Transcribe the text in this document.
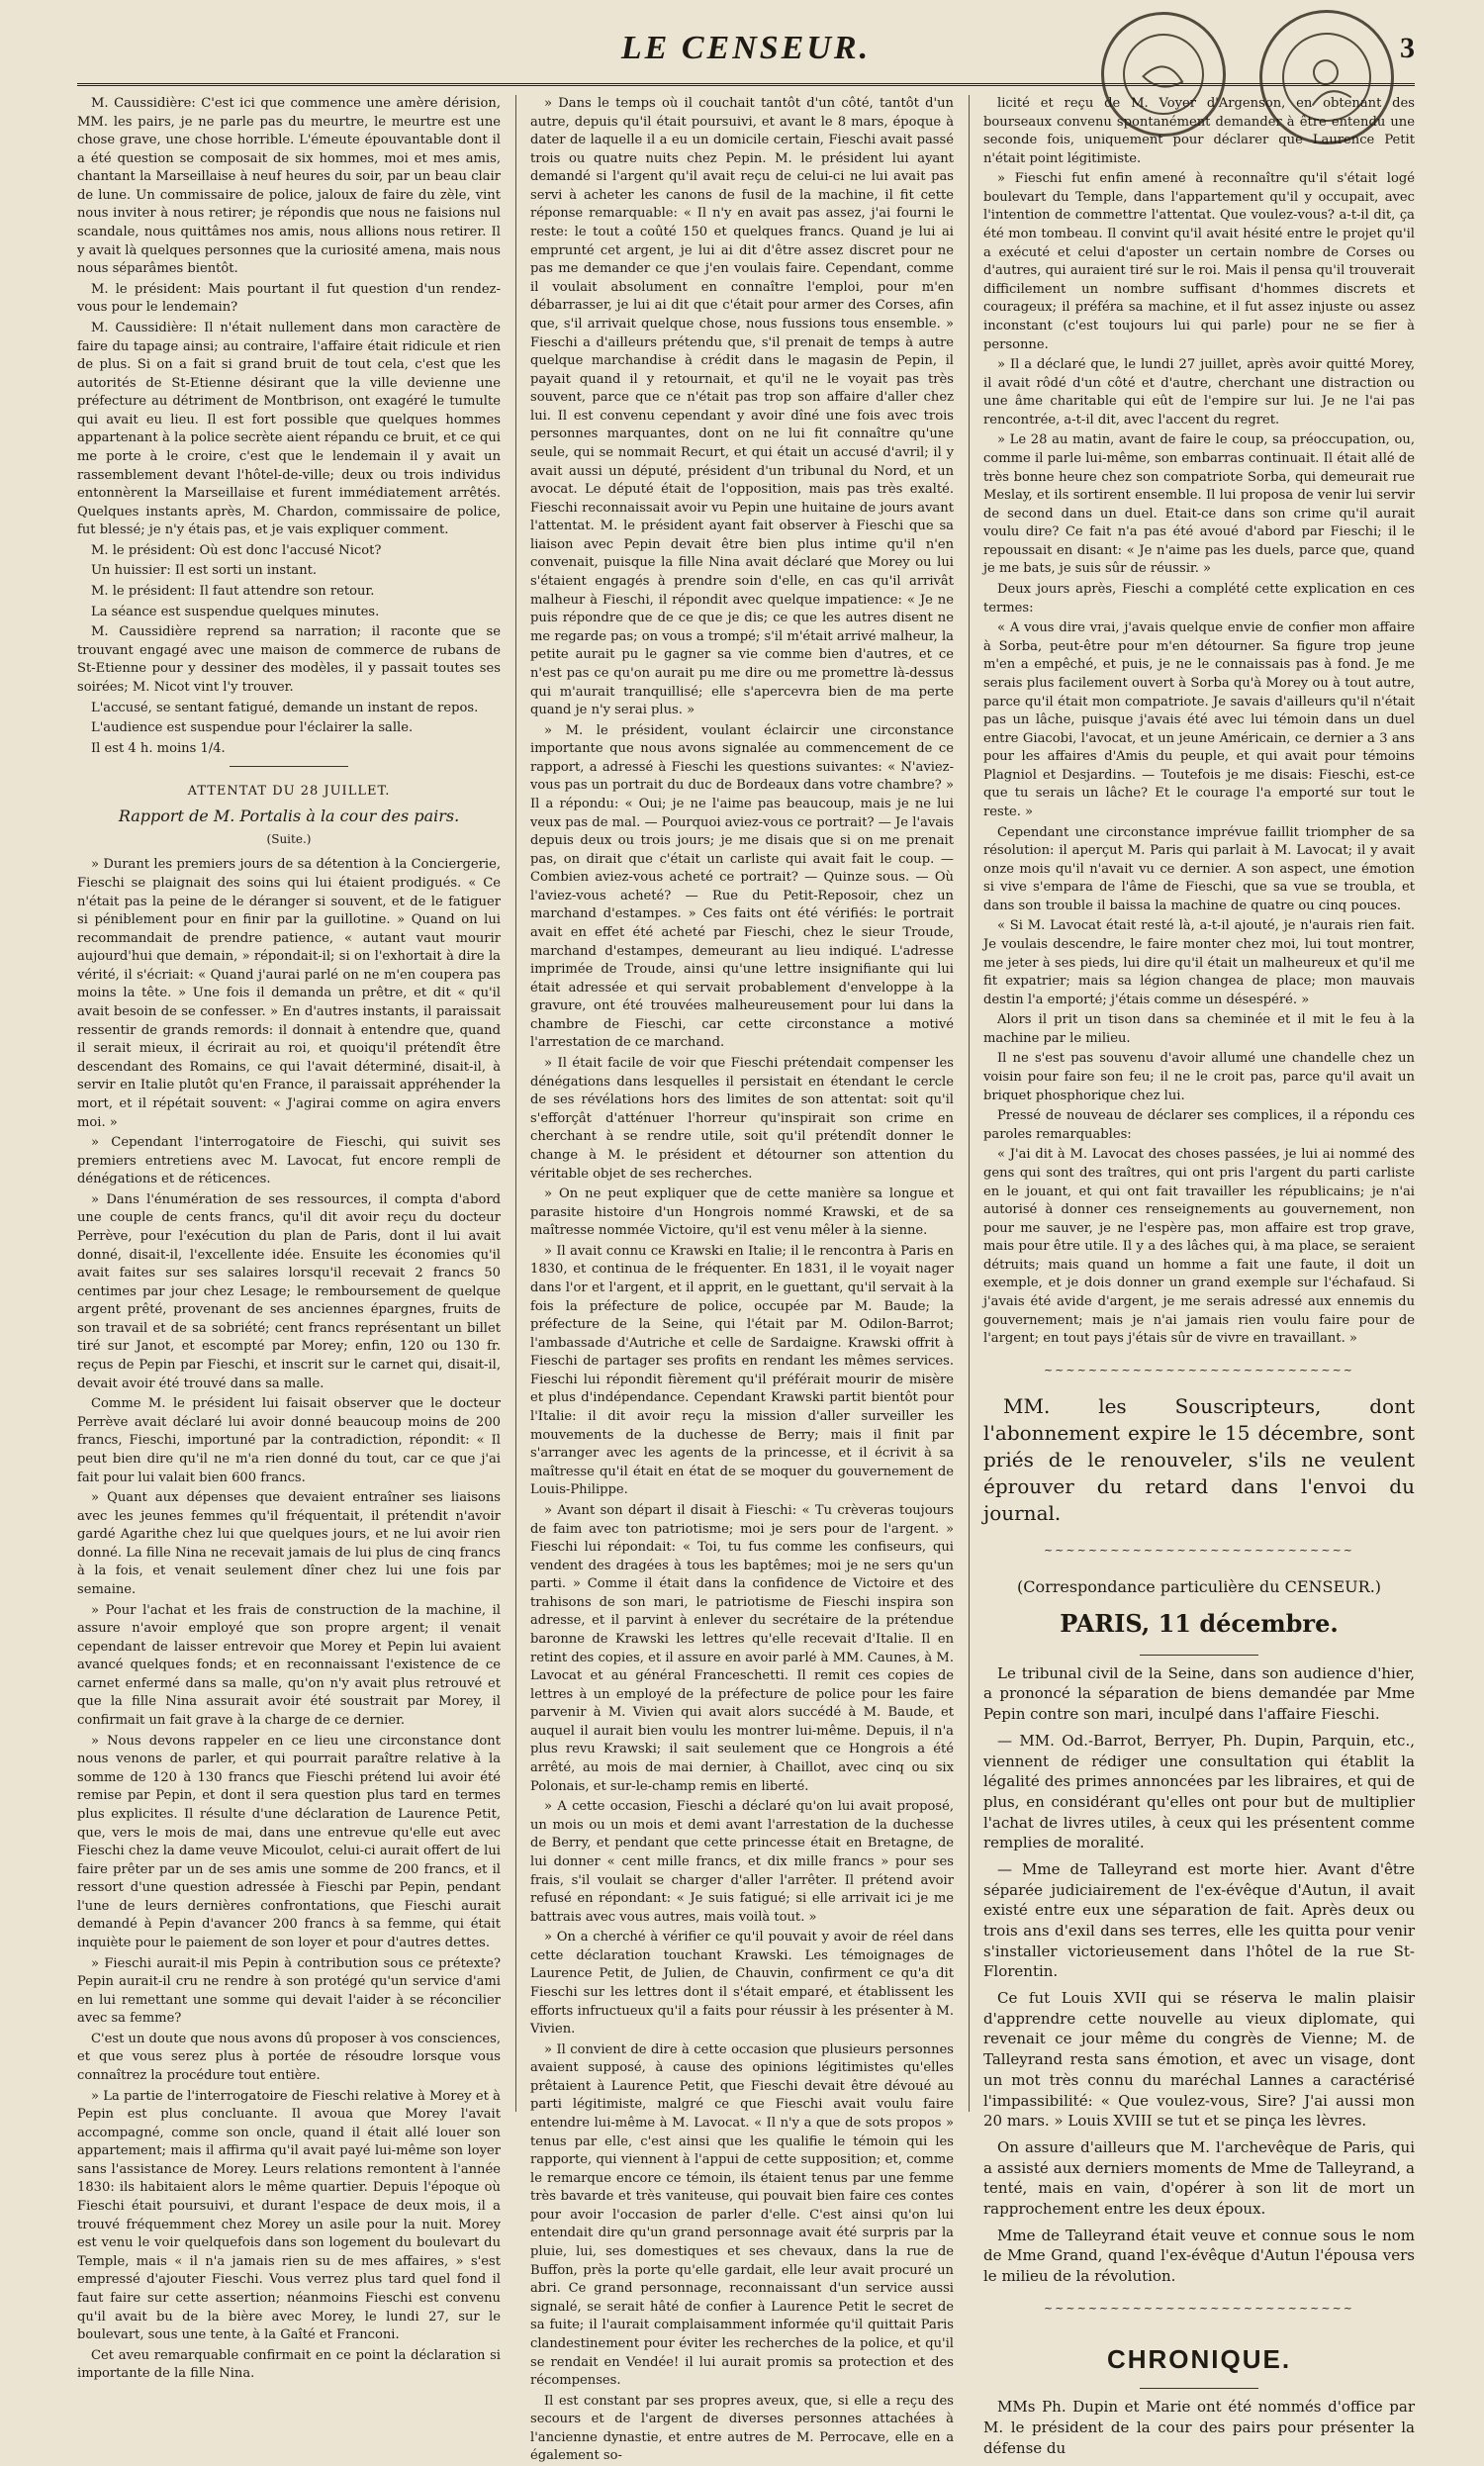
LE CENSEUR.	3

M. Caussidière: C'est ici que commence une amère dérision, MM. les pairs, je ne parle pas du meurtre, le meurtre est une chose grave, une chose horrible. L'émeute épouvantable dont il a été question se composait de six hommes, moi et mes amis, chantant la Marseillaise à neuf heures du soir, par un beau clair de lune. Un commissaire de police, jaloux de faire du zèle, vint nous inviter à nous retirer; je répondis que nous ne faisions nul scandale, nous quittâmes nos amis, nous allions nous retirer. Il y avait là quelques personnes que la curiosité amena, mais nous nous séparâmes bientôt.

M. le président: Mais pourtant il fut question d'un rendez-vous pour le lendemain?

M. Caussidière: Il n'était nullement dans mon caractère de faire du tapage ainsi; au contraire, l'affaire était ridicule et rien de plus. Si on a fait si grand bruit de tout cela, c'est que les autorités de St-Etienne désirant que la ville devienne une préfecture au détriment de Montbrison, ont exagéré le tumulte qui avait eu lieu. Il est fort possible que quelques hommes appartenant à la police secrète aient répandu ce bruit, et ce qui me porte à le croire, c'est que le lendemain il y avait un rassemblement devant l'hôtel-de-ville; deux ou trois individus entonnèrent la Marseillaise et furent immédiatement arrêtés. Quelques instants après, M. Chardon, commissaire de police, fut blessé; je n'y étais pas, et je vais expliquer comment.

M. le président: Où est donc l'accusé Nicot?

Un huissier: Il est sorti un instant.

M. le président: Il faut attendre son retour.

La séance est suspendue quelques minutes.

M. Caussidière reprend sa narration; il raconte que se trouvant engagé avec une maison de commerce de rubans de St-Etienne pour y dessiner des modèles, il y passait toutes ses soirées; M. Nicot vint l'y trouver.

L'accusé, se sentant fatigué, demande un instant de repos.

L'audience est suspendue pour l'éclairer la salle.

Il est 4 h. moins 1/4.

ATTENTAT DU 28 JUILLET.
Rapport de M. Portalis à la cour des pairs.
(Suite.)

» Durant les premiers jours de sa détention à la Conciergerie, Fieschi se plaignait des soins qui lui étaient prodigués. « Ce n'était pas la peine de le déranger si souvent, et de le fatiguer si péniblement pour en finir par la guillotine. » Quand on lui recommandait de prendre patience, « autant vaut mourir aujourd'hui que demain, » répondait-il; si on l'exhortait à dire la vérité, il s'écriait: « Quand j'aurai parlé on ne m'en coupera pas moins la tête. » Une fois il demanda un prêtre, et dit « qu'il avait besoin de se confesser. » En d'autres instants, il paraissait ressentir de grands remords: il donnait à entendre que, quand il serait mieux, il écrirait au roi, et quoiqu'il prétendît être descendant des Romains, ce qui l'avait déterminé, disait-il, à servir en Italie plutôt qu'en France, il paraissait appréhender la mort, et il répétait souvent: « J'agirai comme on agira envers moi. »

» Cependant l'interrogatoire de Fieschi, qui suivit ses premiers entretiens avec M. Lavocat, fut encore rempli de dénégations et de réticences.

» Dans l'énumération de ses ressources, il compta d'abord une couple de cents francs, qu'il dit avoir reçu du docteur Perrève, pour l'exécution du plan de Paris, dont il lui avait donné, disait-il, l'excellente idée. Ensuite les économies qu'il avait faites sur ses salaires lorsqu'il recevait 2 francs 50 centimes par jour chez Lesage; le remboursement de quelque argent prêté, provenant de ses anciennes épargnes, fruits de son travail et de sa sobriété; cent francs représentant un billet tiré sur Janot, et escompté par Morey; enfin, 120 ou 130 fr. reçus de Pepin par Fieschi, et inscrit sur le carnet qui, disait-il, devait avoir été trouvé dans sa malle.

Comme M. le président lui faisait observer que le docteur Perrève avait déclaré lui avoir donné beaucoup moins de 200 francs, Fieschi, importuné par la contradiction, répondit: « Il peut bien dire qu'il ne m'a rien donné du tout, car ce que j'ai fait pour lui valait bien 600 francs.

» Quant aux dépenses que devaient entraîner ses liaisons avec les jeunes femmes qu'il fréquentait, il prétendit n'avoir gardé Agarithe chez lui que quelques jours, et ne lui avoir rien donné. La fille Nina ne recevait jamais de lui plus de cinq francs à la fois, et venait seulement dîner chez lui une fois par semaine.

» Pour l'achat et les frais de construction de la machine, il assure n'avoir employé que son propre argent; il venait cependant de laisser entrevoir que Morey et Pepin lui avaient avancé quelques fonds; et en reconnaissant l'existence de ce carnet enfermé dans sa malle, qu'on n'y avait plus retrouvé et que la fille Nina assurait avoir été soustrait par Morey, il confirmait un fait grave à la charge de ce dernier.

» Nous devons rappeler en ce lieu une circonstance dont nous venons de parler, et qui pourrait paraître relative à la somme de 120 à 130 francs que Fieschi prétend lui avoir été remise par Pepin, et dont il sera question plus tard en termes plus explicites. Il résulte d'une déclaration de Laurence Petit, que, vers le mois de mai, dans une entrevue qu'elle eut avec Fieschi chez la dame veuve Micoulot, celui-ci aurait offert de lui faire prêter par un de ses amis une somme de 200 francs, et il ressort d'une question adressée à Fieschi par Pepin, pendant l'une de leurs dernières confrontations, que Fieschi aurait demandé à Pepin d'avancer 200 francs à sa femme, qui était inquiète pour le paiement de son loyer et pour d'autres dettes.

» Fieschi aurait-il mis Pepin à contribution sous ce prétexte? Pepin aurait-il cru ne rendre à son protégé qu'un service d'ami en lui remettant une somme qui devait l'aider à se réconcilier avec sa femme?

C'est un doute que nous avons dû proposer à vos consciences, et que vous serez plus à portée de résoudre lorsque vous connaîtrez la procédure tout entière.

» La partie de l'interrogatoire de Fieschi relative à Morey et à Pepin est plus concluante. Il avoua que Morey l'avait accompagné, comme son oncle, quand il était allé louer son appartement; mais il affirma qu'il avait payé lui-même son loyer sans l'assistance de Morey. Leurs relations remontent à l'année 1830: ils habitaient alors le même quartier. Depuis l'époque où Fieschi était poursuivi, et durant l'espace de deux mois, il a trouvé fréquemment chez Morey un asile pour la nuit. Morey est venu le voir quelquefois dans son logement du boulevart du Temple, mais « il n'a jamais rien su de mes affaires, » s'est empressé d'ajouter Fieschi. Vous verrez plus tard quel fond il faut faire sur cette assertion; néanmoins Fieschi est convenu qu'il avait bu de la bière avec Morey, le lundi 27, sur le boulevart, sous une tente, à la Gaîté et Franconi.

Cet aveu remarquable confirmait en ce point la déclaration si importante de la fille Nina.

» Dans le temps où il couchait tantôt d'un côté, tantôt d'un autre, depuis qu'il était poursuivi, et avant le 8 mars, époque à dater de laquelle il a eu un domicile certain, Fieschi avait passé trois ou quatre nuits chez Pepin. M. le président lui ayant demandé si l'argent qu'il avait reçu de celui-ci ne lui avait pas servi à acheter les canons de fusil de la machine, il fit cette réponse remarquable: « Il n'y en avait pas assez, j'ai fourni le reste: le tout a coûté 150 et quelques francs. Quand je lui ai emprunté cet argent, je lui ai dit d'être assez discret pour ne pas me demander ce que j'en voulais faire. Cependant, comme il voulait absolument en connaître l'emploi, pour m'en débarrasser, je lui ai dit que c'était pour armer des Corses, afin que, s'il arrivait quelque chose, nous fussions tous ensemble. » Fieschi a d'ailleurs prétendu que, s'il prenait de temps à autre quelque marchandise à crédit dans le magasin de Pepin, il payait quand il y retournait, et qu'il ne le voyait pas très souvent, parce que ce n'était pas trop son affaire d'aller chez lui. Il est convenu cependant y avoir dîné une fois avec trois personnes marquantes, dont on ne lui fit connaître qu'une seule, qui se nommait Recurt, et qui était un accusé d'avril; il y avait aussi un député, président d'un tribunal du Nord, et un avocat. Le député était de l'opposition, mais pas très exalté. Fieschi reconnaissait avoir vu Pepin une huitaine de jours avant l'attentat. M. le président ayant fait observer à Fieschi que sa liaison avec Pepin devait être bien plus intime qu'il n'en convenait, puisque la fille Nina avait déclaré que Morey ou lui s'étaient engagés à prendre soin d'elle, en cas qu'il arrivât malheur à Fieschi, il répondit avec quelque impatience: « Je ne puis répondre que de ce que je dis; ce que les autres disent ne me regarde pas; on vous a trompé; s'il m'était arrivé malheur, la petite aurait pu le gagner sa vie comme bien d'autres, et ce n'est pas ce qu'on aurait pu me dire ou me promettre là-dessus qui m'aurait tranquillisé; elle s'apercevra bien de ma perte quand je n'y serai plus. »

» M. le président, voulant éclaircir une circonstance importante que nous avons signalée au commencement de ce rapport, a adressé à Fieschi les questions suivantes: « N'aviez-vous pas un portrait du duc de Bordeaux dans votre chambre? » Il a répondu: « Oui; je ne l'aime pas beaucoup, mais je ne lui veux pas de mal. — Pourquoi aviez-vous ce portrait? — Je l'avais depuis deux ou trois jours; je me disais que si on me prenait pas, on dirait que c'était un carliste qui avait fait le coup. — Combien aviez-vous acheté ce portrait? — Quinze sous. — Où l'aviez-vous acheté? — Rue du Petit-Reposoir, chez un marchand d'estampes. » Ces faits ont été vérifiés: le portrait avait en effet été acheté par Fieschi, chez le sieur Troude, marchand d'estampes, demeurant au lieu indiqué. L'adresse imprimée de Troude, ainsi qu'une lettre insignifiante qui lui était adressée et qui servait probablement d'enveloppe à la gravure, ont été trouvées malheureusement pour lui dans la chambre de Fieschi, car cette circonstance a motivé l'arrestation de ce marchand.

» Il était facile de voir que Fieschi prétendait compenser les dénégations dans lesquelles il persistait en étendant le cercle de ses révélations hors des limites de son attentat: soit qu'il s'efforçât d'atténuer l'horreur qu'inspirait son crime en cherchant à se rendre utile, soit qu'il prétendît donner le change à M. le président et détourner son attention du véritable objet de ses recherches.

» On ne peut expliquer que de cette manière sa longue et parasite histoire d'un Hongrois nommé Krawski, et de sa maîtresse nommée Victoire, qu'il est venu mêler à la sienne.

» Il avait connu ce Krawski en Italie; il le rencontra à Paris en 1830, et continua de le fréquenter. En 1831, il le voyait nager dans l'or et l'argent, et il apprit, en le guettant, qu'il servait à la fois la préfecture de police, occupée par M. Baude; la préfecture de la Seine, qui l'était par M. Odilon-Barrot; l'ambassade d'Autriche et celle de Sardaigne. Krawski offrit à Fieschi de partager ses profits en rendant les mêmes services. Fieschi lui répondit fièrement qu'il préférait mourir de misère et plus d'indépendance. Cependant Krawski partit bientôt pour l'Italie: il dit avoir reçu la mission d'aller surveiller les mouvements de la duchesse de Berry; mais il finit par s'arranger avec les agents de la princesse, et il écrivit à sa maîtresse qu'il était en état de se moquer du gouvernement de Louis-Philippe.

» Avant son départ il disait à Fieschi: « Tu crèveras toujours de faim avec ton patriotisme; moi je sers pour de l'argent. » Fieschi lui répondait: « Toi, tu fus comme les confiseurs, qui vendent des dragées à tous les baptêmes; moi je ne sers qu'un parti. » Comme il était dans la confidence de Victoire et des trahisons de son mari, le patriotisme de Fieschi inspira son adresse, et il parvint à enlever du secrétaire de la prétendue baronne de Krawski les lettres qu'elle recevait d'Italie. Il en retint des copies, et il assure en avoir parlé à MM. Caunes, à M. Lavocat et au général Franceschetti. Il remit ces copies de lettres à un employé de la préfecture de police pour les faire parvenir à M. Vivien qui avait alors succédé à M. Baude, et auquel il aurait bien voulu les montrer lui-même. Depuis, il n'a plus revu Krawski; il sait seulement que ce Hongrois a été arrêté, au mois de mai dernier, à Chaillot, avec cinq ou six Polonais, et sur-le-champ remis en liberté.

» A cette occasion, Fieschi a déclaré qu'on lui avait proposé, un mois ou un mois et demi avant l'arrestation de la duchesse de Berry, et pendant que cette princesse était en Bretagne, de lui donner « cent mille francs, et dix mille francs » pour ses frais, s'il voulait se charger d'aller l'arrêter. Il prétend avoir refusé en répondant: « Je suis fatigué; si elle arrivait ici je me battrais avec vous autres, mais voilà tout. »

» On a cherché à vérifier ce qu'il pouvait y avoir de réel dans cette déclaration touchant Krawski. Les témoignages de Laurence Petit, de Julien, de Chauvin, confirment ce qu'a dit Fieschi sur les lettres dont il s'était emparé, et établissent les efforts infructueux qu'il a faits pour réussir à les présenter à M. Vivien.

» Il convient de dire à cette occasion que plusieurs personnes avaient supposé, à cause des opinions légitimistes qu'elles prêtaient à Laurence Petit, que Fieschi devait être dévoué au parti légitimiste, malgré ce que Fieschi avait voulu faire entendre lui-même à M. Lavocat. « Il n'y a que de sots propos » tenus par elle, c'est ainsi que les qualifie le témoin qui les rapporte, qui viennent à l'appui de cette supposition; et, comme le remarque encore ce témoin, ils étaient tenus par une femme très bavarde et très vaniteuse, qui pouvait bien faire ces contes pour avoir l'occasion de parler d'elle. C'est ainsi qu'on lui entendait dire qu'un grand personnage avait été surpris par la pluie, lui, ses domestiques et ses chevaux, dans la rue de Buffon, près la porte qu'elle gardait, elle leur avait procuré un abri. Ce grand personnage, reconnaissant d'un service aussi signalé, se serait hâté de confier à Laurence Petit le secret de sa fuite; il l'aurait complaisamment informée qu'il quittait Paris clandestinement pour éviter les recherches de la police, et qu'il se rendait en Vendée! il lui aurait promis sa protection et des récompenses.

Il est constant par ses propres aveux, que, si elle a reçu des secours et de l'argent de diverses personnes attachées à l'ancienne dynastie, et entre autres de M. Perrocave, elle en a également so-

licité et reçu de M. Voyer d'Argenson, en obtenant des bourseaux convenu spontanément demander à être entendu une seconde fois, uniquement pour déclarer que Laurence Petit n'était point légitimiste.

» Fieschi fut enfin amené à reconnaître qu'il s'était logé boulevart du Temple, dans l'appartement qu'il y occupait, avec l'intention de commettre l'attentat. Que voulez-vous? a-t-il dit, ça été mon tombeau. Il convint qu'il avait hésité entre le projet qu'il a exécuté et celui d'aposter un certain nombre de Corses ou d'autres, qui auraient tiré sur le roi. Mais il pensa qu'il trouverait difficilement un nombre suffisant d'hommes discrets et courageux; il préféra sa machine, et il fut assez injuste ou assez inconstant (c'est toujours lui qui parle) pour ne se fier à personne.

» Il a déclaré que, le lundi 27 juillet, après avoir quitté Morey, il avait rôdé d'un côté et d'autre, cherchant une distraction ou une âme charitable qui eût de l'empire sur lui. Je ne l'ai pas rencontrée, a-t-il dit, avec l'accent du regret.

» Le 28 au matin, avant de faire le coup, sa préoccupation, ou, comme il parle lui-même, son embarras continuait. Il était allé de très bonne heure chez son compatriote Sorba, qui demeurait rue Meslay, et ils sortirent ensemble. Il lui proposa de venir lui servir de second dans un duel. Etait-ce dans son crime qu'il aurait voulu dire? Ce fait n'a pas été avoué d'abord par Fieschi; il le repoussait en disant: « Je n'aime pas les duels, parce que, quand je me bats, je suis sûr de réussir. »

Deux jours après, Fieschi a complété cette explication en ces termes:

« A vous dire vrai, j'avais quelque envie de confier mon affaire à Sorba, peut-être pour m'en détourner. Sa figure trop jeune m'en a empêché, et puis, je ne le connaissais pas à fond. Je me serais plus facilement ouvert à Sorba qu'à Morey ou à tout autre, parce qu'il était mon compatriote. Je savais d'ailleurs qu'il n'était pas un lâche, puisque j'avais été avec lui témoin dans un duel entre Giacobi, l'avocat, et un jeune Américain, ce dernier a 3 ans pour les affaires d'Amis du peuple, et qui avait pour témoins Plagniol et Desjardins. — Toutefois je me disais: Fieschi, est-ce que tu serais un lâche? Et le courage l'a emporté sur tout le reste. »

Cependant une circonstance imprévue faillit triompher de sa résolution: il aperçut M. Paris qui parlait à M. Lavocat; il y avait onze mois qu'il n'avait vu ce dernier. A son aspect, une émotion si vive s'empara de l'âme de Fieschi, que sa vue se troubla, et dans son trouble il baissa la machine de quatre ou cinq pouces.

« Si M. Lavocat était resté là, a-t-il ajouté, je n'aurais rien fait. Je voulais descendre, le faire monter chez moi, lui tout montrer, me jeter à ses pieds, lui dire qu'il était un malheureux et qu'il me fit expatrier; mais sa légion changea de place; mon mauvais destin l'a emporté; j'étais comme un désespéré. »

Alors il prit un tison dans sa cheminée et il mit le feu à la machine par le milieu.

Il ne s'est pas souvenu d'avoir allumé une chandelle chez un voisin pour faire son feu; il ne le croit pas, parce qu'il avait un briquet phosphorique chez lui.

Pressé de nouveau de déclarer ses complices, il a répondu ces paroles remarquables:

« J'ai dit à M. Lavocat des choses passées, je lui ai nommé des gens qui sont des traîtres, qui ont pris l'argent du parti carliste en le jouant, et qui ont fait travailler les républicains; je n'ai autorisé à donner ces renseignements au gouvernement, non pour me sauver, je ne l'espère pas, mon affaire est trop grave, mais pour être utile. Il y a des lâches qui, à ma place, se seraient détruits; mais quand un homme a fait une faute, il doit un exemple, et je dois donner un grand exemple sur l'échafaud. Si j'avais été avide d'argent, je me serais adressé aux ennemis du gouvernement; mais je n'ai jamais rien voulu faire pour de l'argent; en tout pays j'étais sûr de vivre en travaillant. »

~~~~~~~~~~~~~~~~~~~~~~~~~~~~
MM. les Souscripteurs, dont l'abonnement expire le 15 décembre, sont priés de le renouveler, s'ils ne veulent éprouver du retard dans l'envoi du journal.
~~~~~~~~~~~~~~~~~~~~~~~~~~~~
(Correspondance particulière du CENSEUR.)
PARIS, 11 décembre.

Le tribunal civil de la Seine, dans son audience d'hier, a prononcé la séparation de biens demandée par Mme Pepin contre son mari, inculpé dans l'affaire Fieschi.

— MM. Od.-Barrot, Berryer, Ph. Dupin, Parquin, etc., viennent de rédiger une consultation qui établit la légalité des primes annoncées par les libraires, et qui de plus, en considérant qu'elles ont pour but de multiplier l'achat de livres utiles, à ceux qui les présentent comme remplies de moralité.

— Mme de Talleyrand est morte hier. Avant d'être séparée judiciairement de l'ex-évêque d'Autun, il avait existé entre eux une séparation de fait. Après deux ou trois ans d'exil dans ses terres, elle les quitta pour venir s'installer victorieusement dans l'hôtel de la rue St-Florentin.

Ce fut Louis XVII qui se réserva le malin plaisir d'apprendre cette nouvelle au vieux diplomate, qui revenait ce jour même du congrès de Vienne; M. de Talleyrand resta sans émotion, et avec un visage, dont un mot très connu du maréchal Lannes a caractérisé l'impassibilité: « Que voulez-vous, Sire? J'ai aussi mon 20 mars. » Louis XVIII se tut et se pinça les lèvres.

On assure d'ailleurs que M. l'archevêque de Paris, qui a assisté aux derniers moments de Mme de Talleyrand, a tenté, mais en vain, d'opérer à son lit de mort un rapprochement entre les deux époux.

Mme de Talleyrand était veuve et connue sous le nom de Mme Grand, quand l'ex-évêque d'Autun l'épousa vers le milieu de la révolution.

~~~~~~~~~~~~~~~~~~~~~~~~~~~~
CHRONIQUE.

MMs Ph. Dupin et Marie ont été nommés d'office par M. le président de la cour des pairs pour présenter la défense du
